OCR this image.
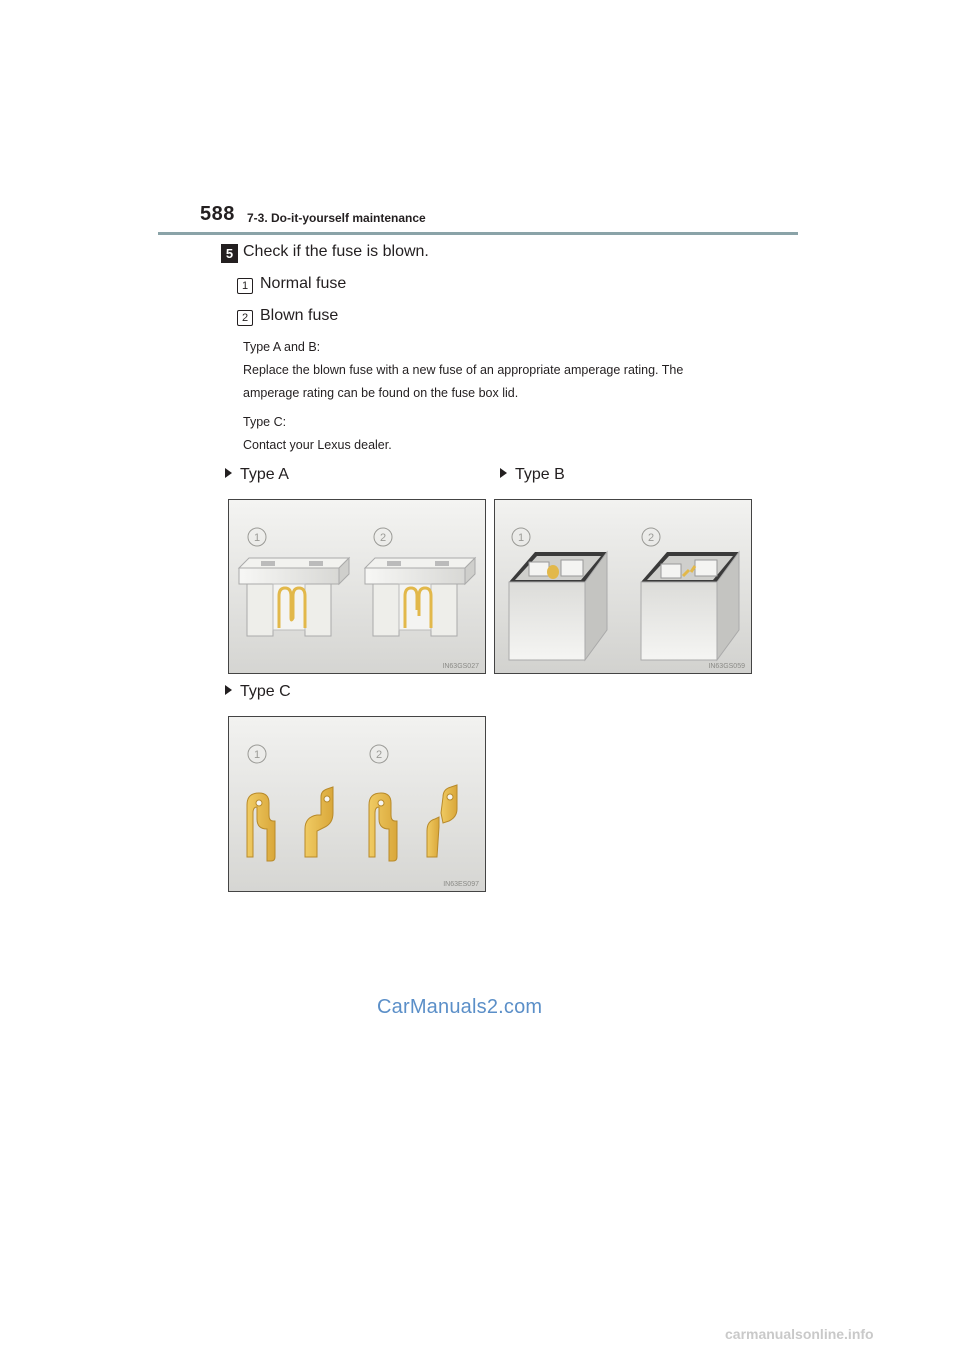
588 7-3. Do-it-yourself maintenance
5 Check if the fuse is blown.
1 Normal fuse
2 Blown fuse
Type A and B:
Replace the blown fuse with a new fuse of an appropriate amperage rating. The
amperage rating can be found on the fuse box lid.
Type C:
Contact your Lexus dealer.
Type A	Type B
Type C
1	2
IN63GS027
1	2
IN63GS059
1	2
IN63ES097
CarManuals2.com
carmanualsonline.info
